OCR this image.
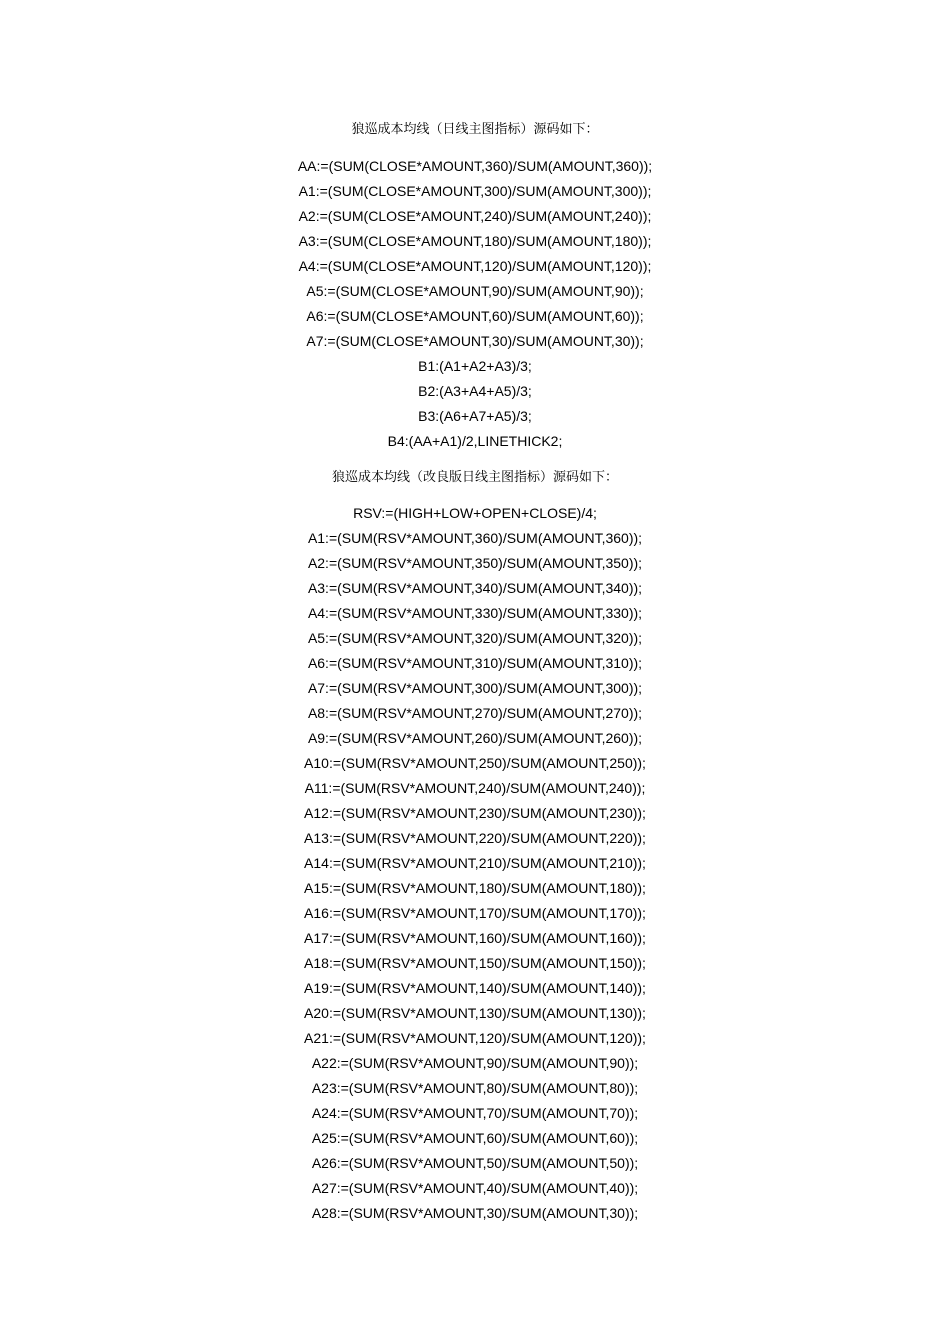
狼巡成本均线（日线主图指标）源码如下：
AA:=(SUM(CLOSE*AMOUNT,360)/SUM(AMOUNT,360));
A1:=(SUM(CLOSE*AMOUNT,300)/SUM(AMOUNT,300));
A2:=(SUM(CLOSE*AMOUNT,240)/SUM(AMOUNT,240));
A3:=(SUM(CLOSE*AMOUNT,180)/SUM(AMOUNT,180));
A4:=(SUM(CLOSE*AMOUNT,120)/SUM(AMOUNT,120));
A5:=(SUM(CLOSE*AMOUNT,90)/SUM(AMOUNT,90));
A6:=(SUM(CLOSE*AMOUNT,60)/SUM(AMOUNT,60));
A7:=(SUM(CLOSE*AMOUNT,30)/SUM(AMOUNT,30));
B1:(A1+A2+A3)/3;
B2:(A3+A4+A5)/3;
B3:(A6+A7+A5)/3;
B4:(AA+A1)/2,LINETHICK2;
狼巡成本均线（改良版日线主图指标）源码如下：
RSV:=(HIGH+LOW+OPEN+CLOSE)/4;
A1:=(SUM(RSV*AMOUNT,360)/SUM(AMOUNT,360));
A2:=(SUM(RSV*AMOUNT,350)/SUM(AMOUNT,350));
A3:=(SUM(RSV*AMOUNT,340)/SUM(AMOUNT,340));
A4:=(SUM(RSV*AMOUNT,330)/SUM(AMOUNT,330));
A5:=(SUM(RSV*AMOUNT,320)/SUM(AMOUNT,320));
A6:=(SUM(RSV*AMOUNT,310)/SUM(AMOUNT,310));
A7:=(SUM(RSV*AMOUNT,300)/SUM(AMOUNT,300));
A8:=(SUM(RSV*AMOUNT,270)/SUM(AMOUNT,270));
A9:=(SUM(RSV*AMOUNT,260)/SUM(AMOUNT,260));
A10:=(SUM(RSV*AMOUNT,250)/SUM(AMOUNT,250));
A11:=(SUM(RSV*AMOUNT,240)/SUM(AMOUNT,240));
A12:=(SUM(RSV*AMOUNT,230)/SUM(AMOUNT,230));
A13:=(SUM(RSV*AMOUNT,220)/SUM(AMOUNT,220));
A14:=(SUM(RSV*AMOUNT,210)/SUM(AMOUNT,210));
A15:=(SUM(RSV*AMOUNT,180)/SUM(AMOUNT,180));
A16:=(SUM(RSV*AMOUNT,170)/SUM(AMOUNT,170));
A17:=(SUM(RSV*AMOUNT,160)/SUM(AMOUNT,160));
A18:=(SUM(RSV*AMOUNT,150)/SUM(AMOUNT,150));
A19:=(SUM(RSV*AMOUNT,140)/SUM(AMOUNT,140));
A20:=(SUM(RSV*AMOUNT,130)/SUM(AMOUNT,130));
A21:=(SUM(RSV*AMOUNT,120)/SUM(AMOUNT,120));
A22:=(SUM(RSV*AMOUNT,90)/SUM(AMOUNT,90));
A23:=(SUM(RSV*AMOUNT,80)/SUM(AMOUNT,80));
A24:=(SUM(RSV*AMOUNT,70)/SUM(AMOUNT,70));
A25:=(SUM(RSV*AMOUNT,60)/SUM(AMOUNT,60));
A26:=(SUM(RSV*AMOUNT,50)/SUM(AMOUNT,50));
A27:=(SUM(RSV*AMOUNT,40)/SUM(AMOUNT,40));
A28:=(SUM(RSV*AMOUNT,30)/SUM(AMOUNT,30));
